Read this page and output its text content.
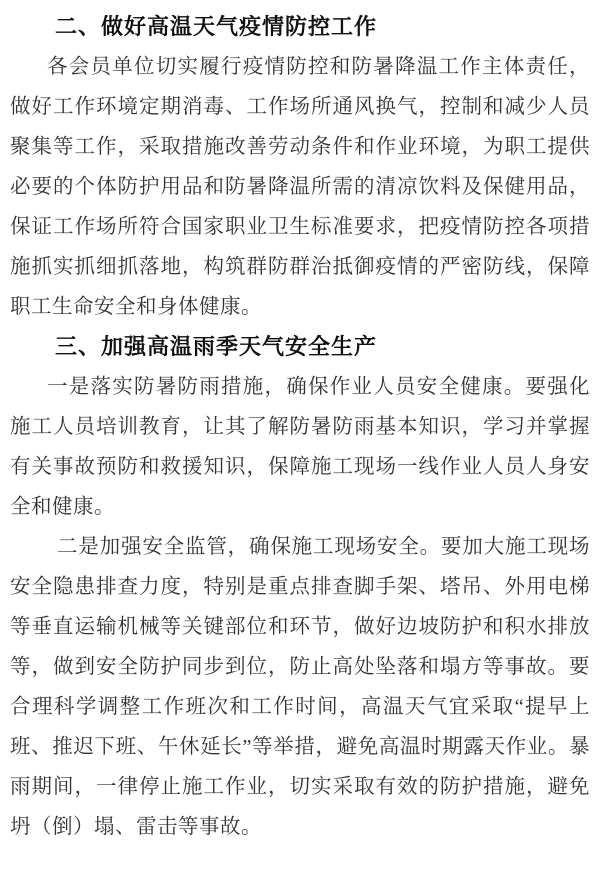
二、做好高温天气疫情防控工作

各会员单位切实履行疫情防控和防暑降温工作主体责任，做好工作环境定期消毒、工作场所通风换气，控制和减少人员聚集等工作，采取措施改善劳动条件和作业环境，为职工提供必要的个体防护用品和防暑降温所需的清凉饮料及保健用品，保证工作场所符合国家职业卫生标准要求，把疫情防控各项措施抓实抓细抓落地，构筑群防群治抵御疫情的严密防线，保障职工生命安全和身体健康。

三、加强高温雨季天气安全生产

一是落实防暑防雨措施，确保作业人员安全健康。要强化施工人员培训教育，让其了解防暑防雨基本知识，学习并掌握有关事故预防和救援知识，保障施工现场一线作业人员人身安全和健康。

二是加强安全监管，确保施工现场安全。要加大施工现场安全隐患排查力度，特别是重点排查脚手架、塔吊、外用电梯等垂直运输机械等关键部位和环节，做好边坡防护和积水排放等，做到安全防护同步到位，防止高处坠落和塌方等事故。要合理科学调整工作班次和工作时间，高温天气宜采取“提早上班、推迟下班、午休延长”等举措，避免高温时期露天作业。暴雨期间，一律停止施工作业，切实采取有效的防护措施，避免坍（倒）塌、雷击等事故。
